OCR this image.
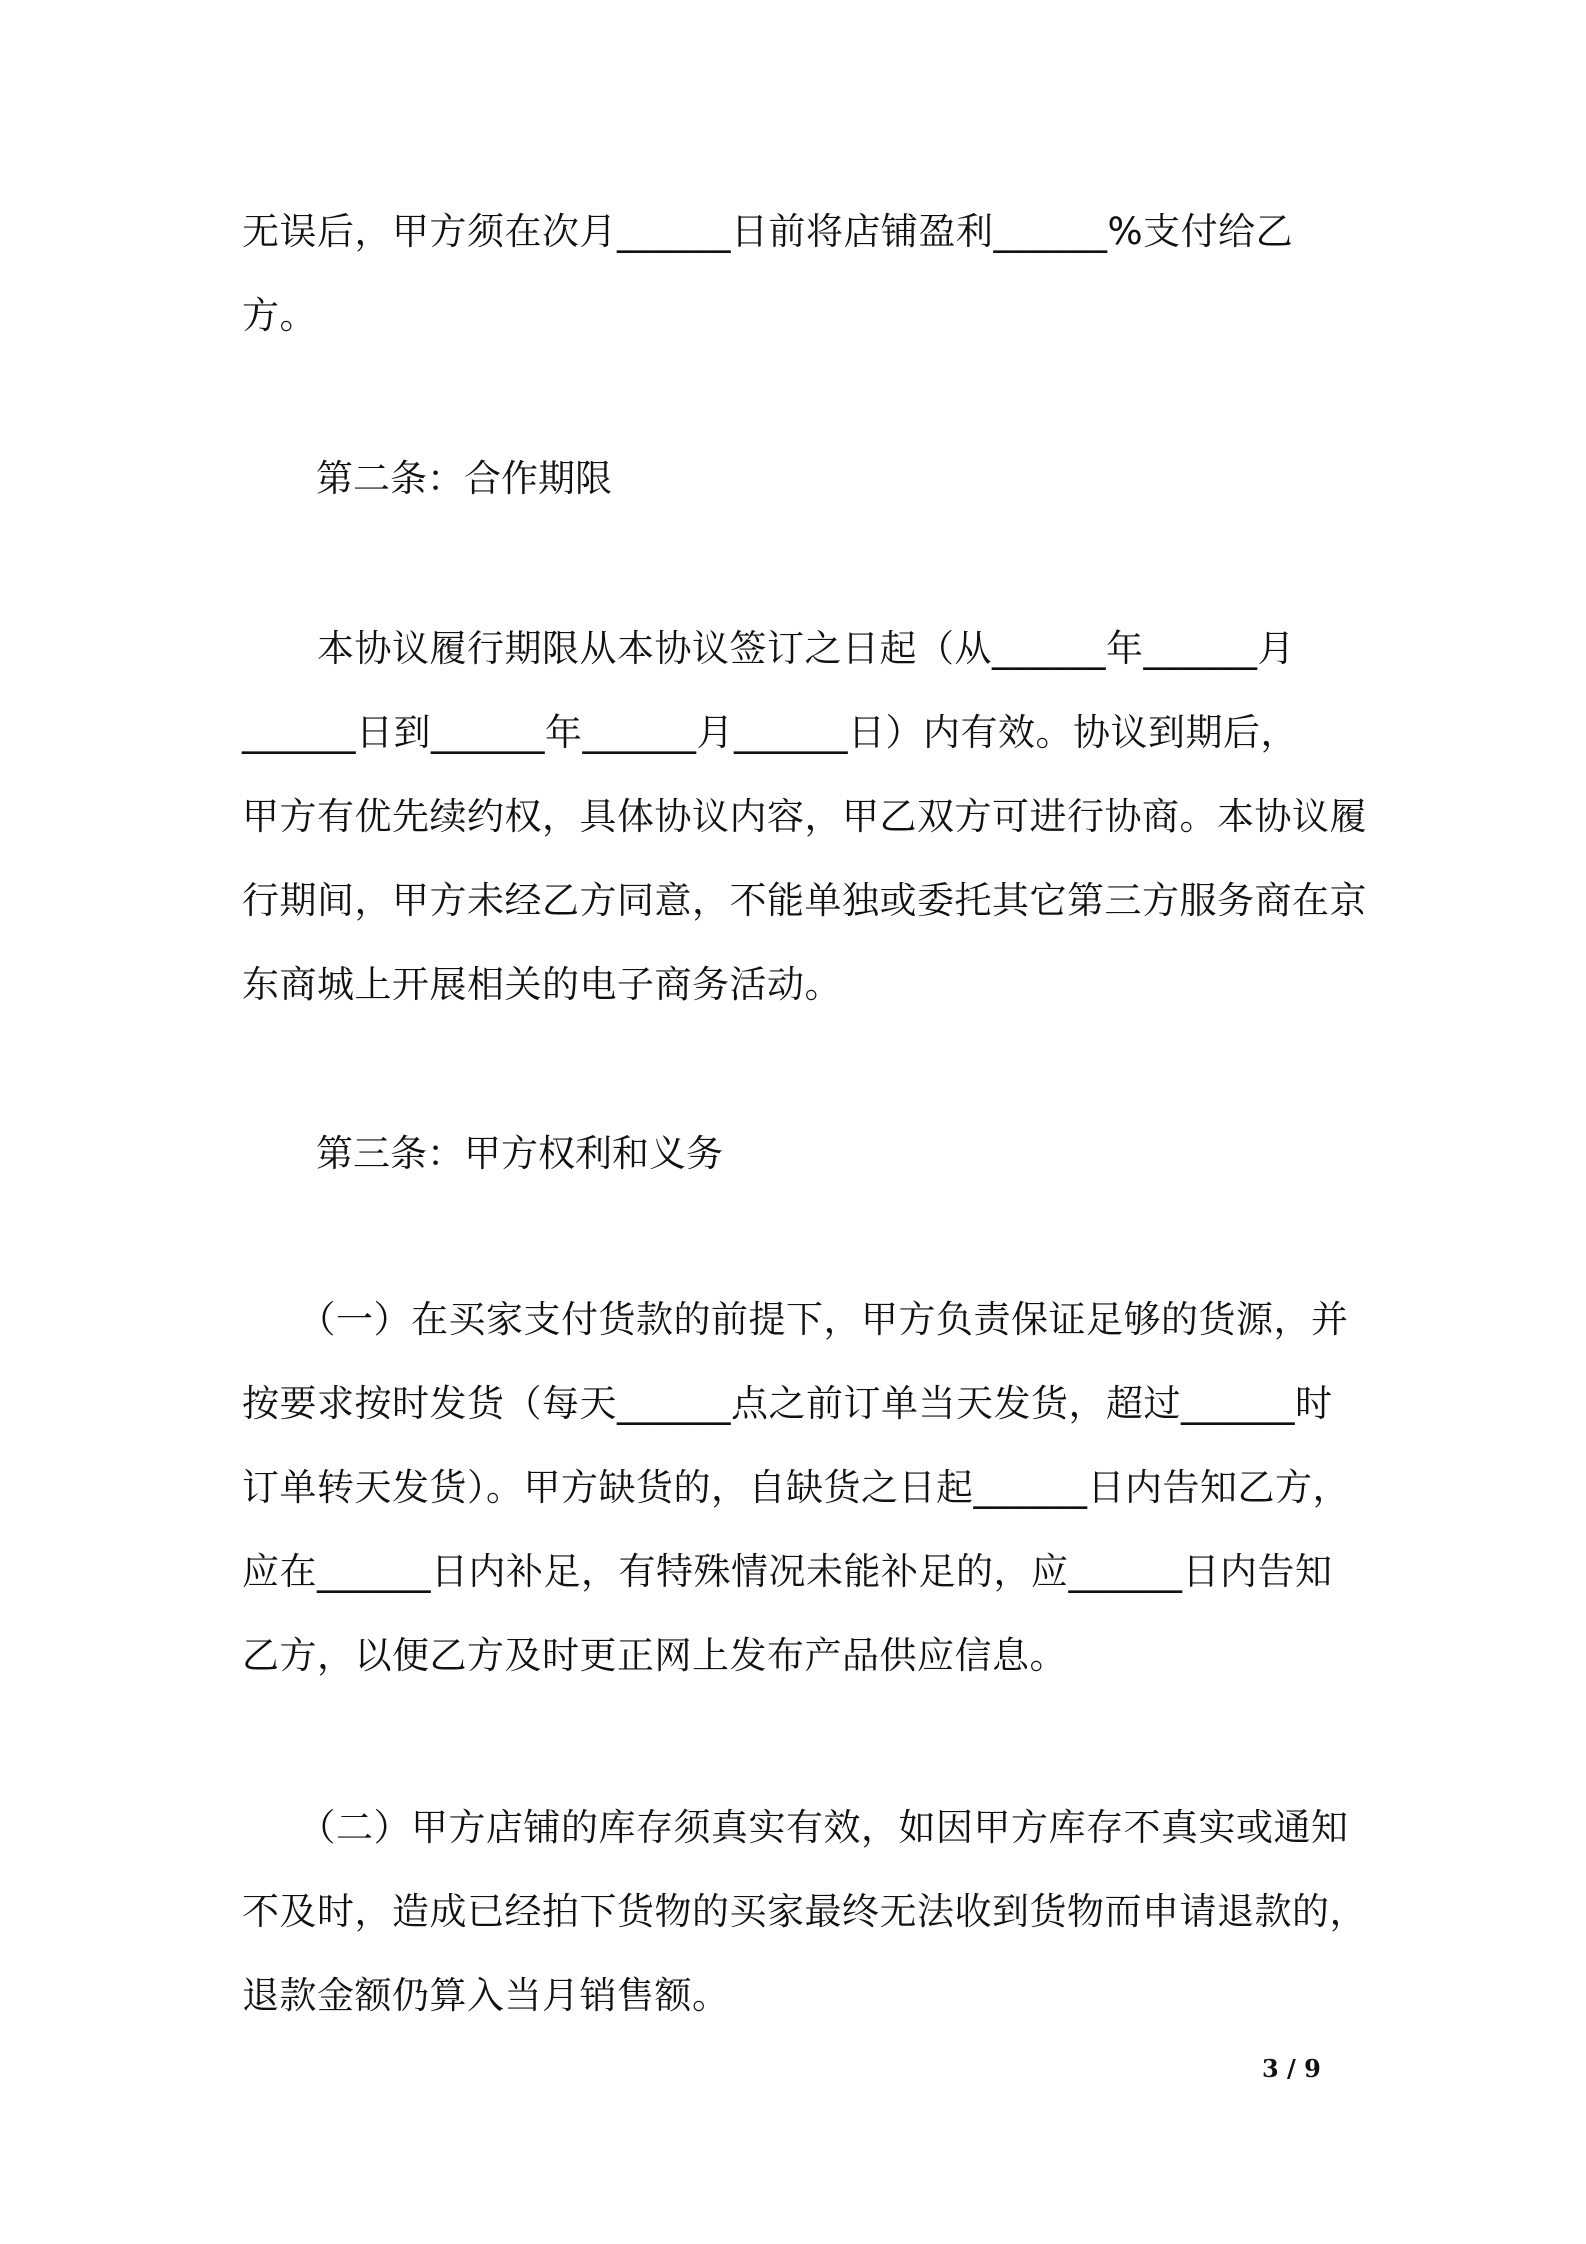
无误后，甲方须在次月______日前将店铺盈利______%支付给乙
方。
第二条：合作期限
　　本协议履行期限从本协议签订之日起（从______年______月
______日到______年______月______日）内有效。协议到期后，
甲方有优先续约权，具体协议内容，甲乙双方可进行协商。本协议履
行期间，甲方未经乙方同意，不能单独或委托其它第三方服务商在京
东商城上开展相关的电子商务活动。
第三条：甲方权利和义务
　　（一）在买家支付货款的前提下，甲方负责保证足够的货源，并
按要求按时发货（每天______点之前订单当天发货，超过______时
订单转天发货）。甲方缺货的，自缺货之日起______日内告知乙方，
应在______日内补足，有特殊情况未能补足的，应______日内告知
乙方，以便乙方及时更正网上发布产品供应信息。
　　（二）甲方店铺的库存须真实有效，如因甲方库存不真实或通知
不及时，造成已经拍下货物的买家最终无法收到货物而申请退款的，
退款金额仍算入当月销售额。
3 / 9
